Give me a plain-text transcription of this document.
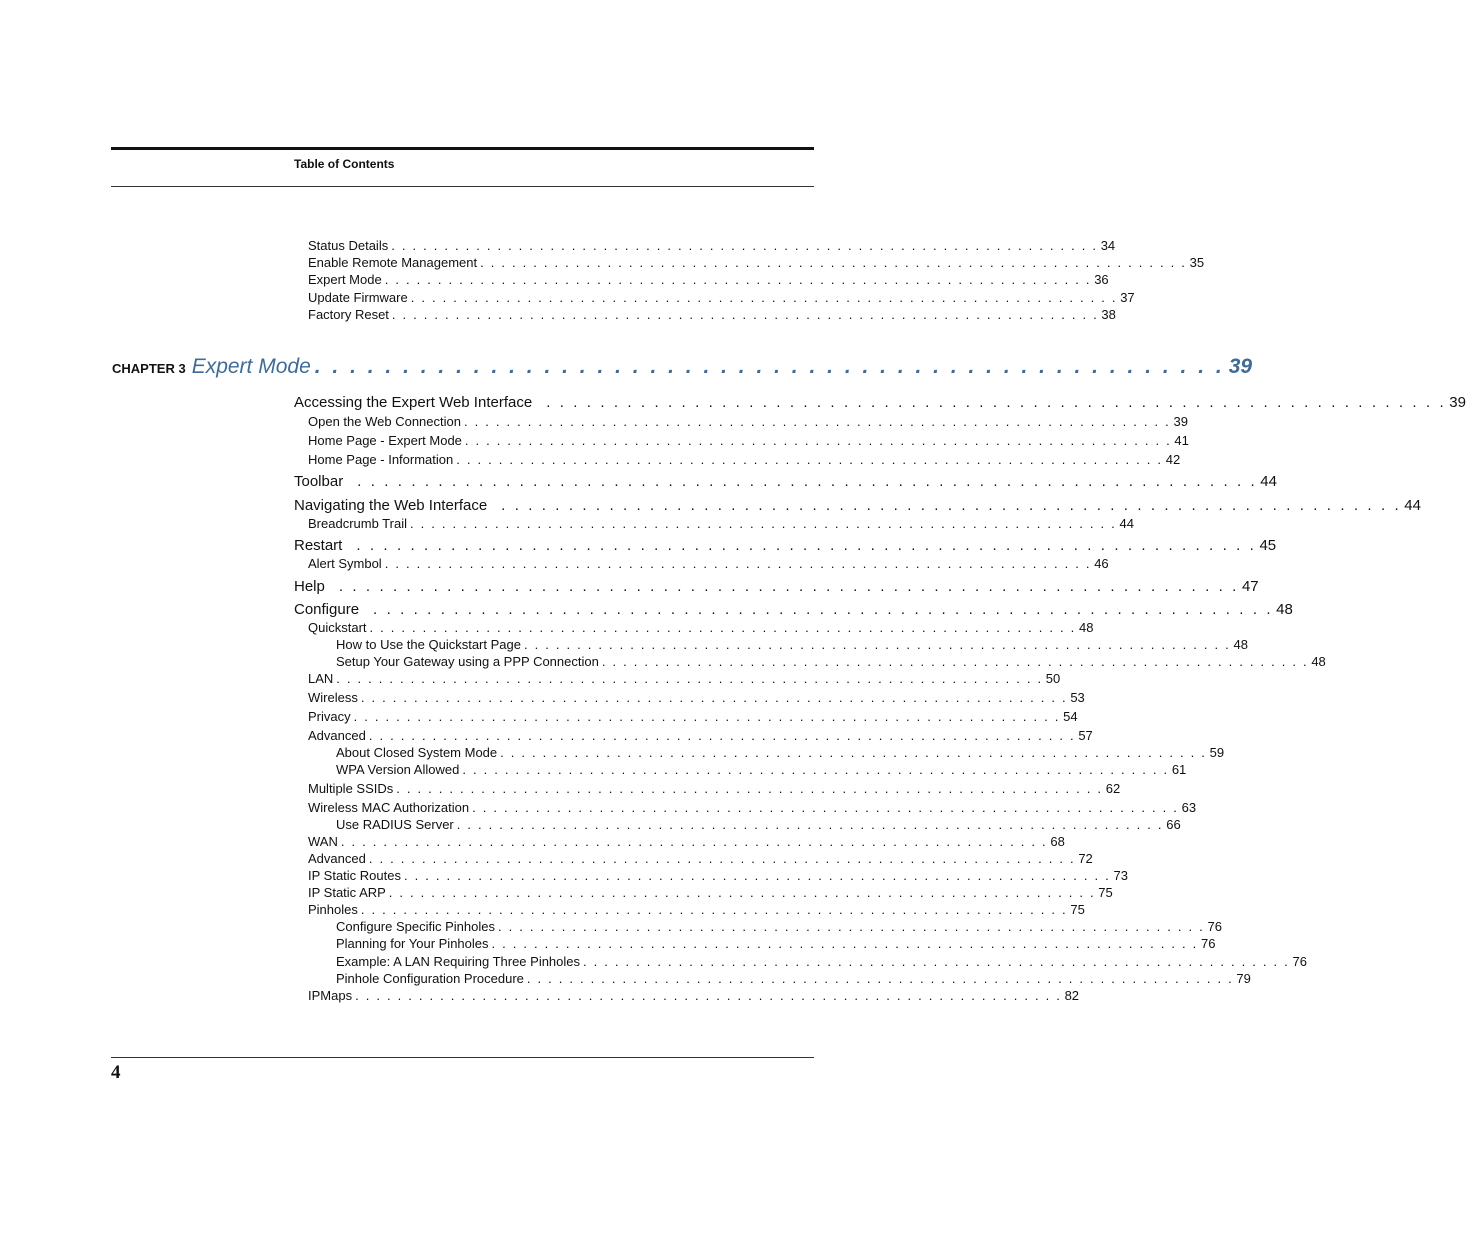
Table of Contents
Status Details . . . . . . . . . . . . . . . . . . . . . . . . . . . . . . . . . . . . . . . . . . . . . . . . . . . . . . . . . . . . . . . . . . . 34
Enable Remote Management . . . . . . . . . . . . . . . . . . . . . . . . . . . . . . . . . . . . . . . . . . . . . . . . . . . . . . . . . . . . . . . . . . . 35
Expert Mode . . . . . . . . . . . . . . . . . . . . . . . . . . . . . . . . . . . . . . . . . . . . . . . . . . . . . . . . . . . . . . . . . . . 36
Update Firmware . . . . . . . . . . . . . . . . . . . . . . . . . . . . . . . . . . . . . . . . . . . . . . . . . . . . . . . . . . . . . . . . . . . 37
Factory Reset . . . . . . . . . . . . . . . . . . . . . . . . . . . . . . . . . . . . . . . . . . . . . . . . . . . . . . . . . . . . . . . . . . . 38
CHAPTER 3 Expert Mode . . . . . . . . . . . . . . . . . . . . . . . . . . . . . . . . . . . . . . . . . . . . . . . . . . . . 39
Accessing the Expert Web Interface . . . . . . . . . . . . . . . . . . . . . . . . . . . . . . . . . . . . . . . . . . . . . . . . . . . . . . . . . . . . . . . . . . . 39
Open the Web Connection . . . . . . . . . . . . . . . . . . . . . . . . . . . . . . . . . . . . . . . . . . . . . . . . . . . . . . . . . . . . . . . . . . . 39
Home Page - Expert Mode . . . . . . . . . . . . . . . . . . . . . . . . . . . . . . . . . . . . . . . . . . . . . . . . . . . . . . . . . . . . . . . . . . . 41
Home Page - Information . . . . . . . . . . . . . . . . . . . . . . . . . . . . . . . . . . . . . . . . . . . . . . . . . . . . . . . . . . . . . . . . . . . 42
Toolbar . . . . . . . . . . . . . . . . . . . . . . . . . . . . . . . . . . . . . . . . . . . . . . . . . . . . . . . . . . . . . . . . . . . 44
Navigating the Web Interface . . . . . . . . . . . . . . . . . . . . . . . . . . . . . . . . . . . . . . . . . . . . . . . . . . . . . . . . . . . . . . . . . . . 44
Breadcrumb Trail . . . . . . . . . . . . . . . . . . . . . . . . . . . . . . . . . . . . . . . . . . . . . . . . . . . . . . . . . . . . . . . . . . . 44
Restart . . . . . . . . . . . . . . . . . . . . . . . . . . . . . . . . . . . . . . . . . . . . . . . . . . . . . . . . . . . . . . . . . . . 45
Alert Symbol . . . . . . . . . . . . . . . . . . . . . . . . . . . . . . . . . . . . . . . . . . . . . . . . . . . . . . . . . . . . . . . . . . . 46
Help . . . . . . . . . . . . . . . . . . . . . . . . . . . . . . . . . . . . . . . . . . . . . . . . . . . . . . . . . . . . . . . . . . . 47
Configure . . . . . . . . . . . . . . . . . . . . . . . . . . . . . . . . . . . . . . . . . . . . . . . . . . . . . . . . . . . . . . . . . . . 48
Quickstart . . . . . . . . . . . . . . . . . . . . . . . . . . . . . . . . . . . . . . . . . . . . . . . . . . . . . . . . . . . . . . . . . . . 48
How to Use the Quickstart Page . . . . . . . . . . . . . . . . . . . . . . . . . . . . . . . . . . . . . . . . . . . . . . . . . . . . . . . . . . . . . . . . . . . 48
Setup Your Gateway using a PPP Connection . . . . . . . . . . . . . . . . . . . . . . . . . . . . . . . . . . . . . . . . . . . . . . . . . . . . . . . . . . . . . . . . . . . 48
LAN . . . . . . . . . . . . . . . . . . . . . . . . . . . . . . . . . . . . . . . . . . . . . . . . . . . . . . . . . . . . . . . . . . . 50
Wireless . . . . . . . . . . . . . . . . . . . . . . . . . . . . . . . . . . . . . . . . . . . . . . . . . . . . . . . . . . . . . . . . . . . 53
Privacy . . . . . . . . . . . . . . . . . . . . . . . . . . . . . . . . . . . . . . . . . . . . . . . . . . . . . . . . . . . . . . . . . . . 54
Advanced . . . . . . . . . . . . . . . . . . . . . . . . . . . . . . . . . . . . . . . . . . . . . . . . . . . . . . . . . . . . . . . . . . . 57
About Closed System Mode . . . . . . . . . . . . . . . . . . . . . . . . . . . . . . . . . . . . . . . . . . . . . . . . . . . . . . . . . . . . . . . . . . . 59
WPA Version Allowed . . . . . . . . . . . . . . . . . . . . . . . . . . . . . . . . . . . . . . . . . . . . . . . . . . . . . . . . . . . . . . . . . . . 61
Multiple SSIDs . . . . . . . . . . . . . . . . . . . . . . . . . . . . . . . . . . . . . . . . . . . . . . . . . . . . . . . . . . . . . . . . . . . 62
Wireless MAC Authorization . . . . . . . . . . . . . . . . . . . . . . . . . . . . . . . . . . . . . . . . . . . . . . . . . . . . . . . . . . . . . . . . . . . 63
Use RADIUS Server . . . . . . . . . . . . . . . . . . . . . . . . . . . . . . . . . . . . . . . . . . . . . . . . . . . . . . . . . . . . . . . . . . . 66
WAN . . . . . . . . . . . . . . . . . . . . . . . . . . . . . . . . . . . . . . . . . . . . . . . . . . . . . . . . . . . . . . . . . . . 68
Advanced . . . . . . . . . . . . . . . . . . . . . . . . . . . . . . . . . . . . . . . . . . . . . . . . . . . . . . . . . . . . . . . . . . . 72
IP Static Routes . . . . . . . . . . . . . . . . . . . . . . . . . . . . . . . . . . . . . . . . . . . . . . . . . . . . . . . . . . . . . . . . . . . 73
IP Static ARP . . . . . . . . . . . . . . . . . . . . . . . . . . . . . . . . . . . . . . . . . . . . . . . . . . . . . . . . . . . . . . . . . . . 75
Pinholes . . . . . . . . . . . . . . . . . . . . . . . . . . . . . . . . . . . . . . . . . . . . . . . . . . . . . . . . . . . . . . . . . . . 75
Configure Specific Pinholes . . . . . . . . . . . . . . . . . . . . . . . . . . . . . . . . . . . . . . . . . . . . . . . . . . . . . . . . . . . . . . . . . . . 76
Planning for Your Pinholes . . . . . . . . . . . . . . . . . . . . . . . . . . . . . . . . . . . . . . . . . . . . . . . . . . . . . . . . . . . . . . . . . . . 76
Example: A LAN Requiring Three Pinholes . . . . . . . . . . . . . . . . . . . . . . . . . . . . . . . . . . . . . . . . . . . . . . . . . . . . . . . . . . . . . . . . . . . 76
Pinhole Configuration Procedure . . . . . . . . . . . . . . . . . . . . . . . . . . . . . . . . . . . . . . . . . . . . . . . . . . . . . . . . . . . . . . . . . . . 79
IPMaps . . . . . . . . . . . . . . . . . . . . . . . . . . . . . . . . . . . . . . . . . . . . . . . . . . . . . . . . . . . . . . . . . . . 82
4
